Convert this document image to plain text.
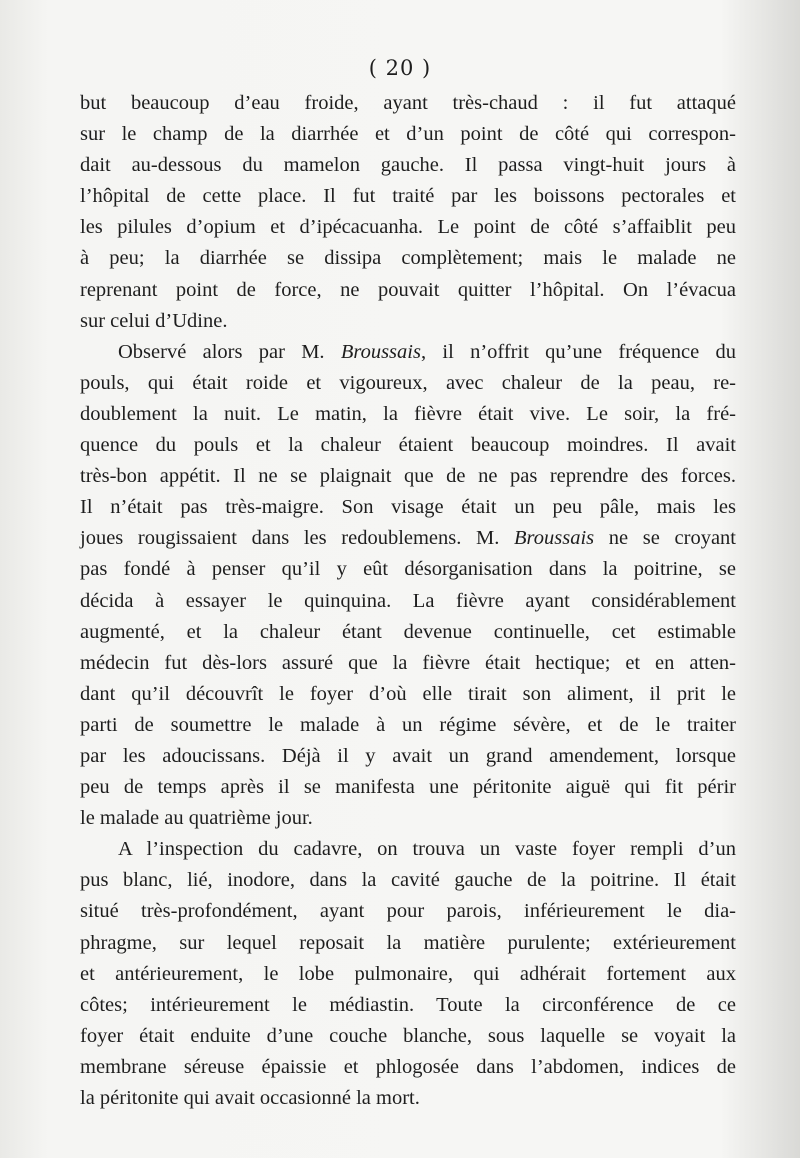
( 20 )
but beaucoup d’eau froide, ayant très-chaud : il fut attaqué
sur le champ de la diarrhée et d’un point de côté qui correspon-
dait au-dessous du mamelon gauche. Il passa vingt-huit jours à
l’hôpital de cette place. Il fut traité par les boissons pectorales et
les pilules d’opium et d’ipécacuanha. Le point de côté s’affaiblit peu
à peu; la diarrhée se dissipa complètement; mais le malade ne
reprenant point de force, ne pouvait quitter l’hôpital. On l’évacua
sur celui d’Udine.
Observé alors par M. Broussais, il n’offrit qu’une fréquence du
pouls, qui était roide et vigoureux, avec chaleur de la peau, re-
doublement la nuit. Le matin, la fièvre était vive. Le soir, la fré-
quence du pouls et la chaleur étaient beaucoup moindres. Il avait
très-bon appétit. Il ne se plaignait que de ne pas reprendre des forces.
Il n’était pas très-maigre. Son visage était un peu pâle, mais les
joues rougissaient dans les redoublemens. M. Broussais ne se croyant
pas fondé à penser qu’il y eût désorganisation dans la poitrine, se
décida à essayer le quinquina. La fièvre ayant considérablement
augmenté, et la chaleur étant devenue continuelle, cet estimable
médecin fut dès-lors assuré que la fièvre était hectique; et en atten-
dant qu’il découvrît le foyer d’où elle tirait son aliment, il prit le
parti de soumettre le malade à un régime sévère, et de le traiter
par les adoucissans. Déjà il y avait un grand amendement, lorsque
peu de temps après il se manifesta une péritonite aiguë qui fit périr
le malade au quatrième jour.
A l’inspection du cadavre, on trouva un vaste foyer rempli d’un
pus blanc, lié, inodore, dans la cavité gauche de la poitrine. Il était
situé très-profondément, ayant pour parois, inférieurement le dia-
phragme, sur lequel reposait la matière purulente; extérieurement
et antérieurement, le lobe pulmonaire, qui adhérait fortement aux
côtes; intérieurement le médiastin. Toute la circonférence de ce
foyer était enduite d’une couche blanche, sous laquelle se voyait la
membrane séreuse épaissie et phlogosée dans l’abdomen, indices de
la péritonite qui avait occasionné la mort.
